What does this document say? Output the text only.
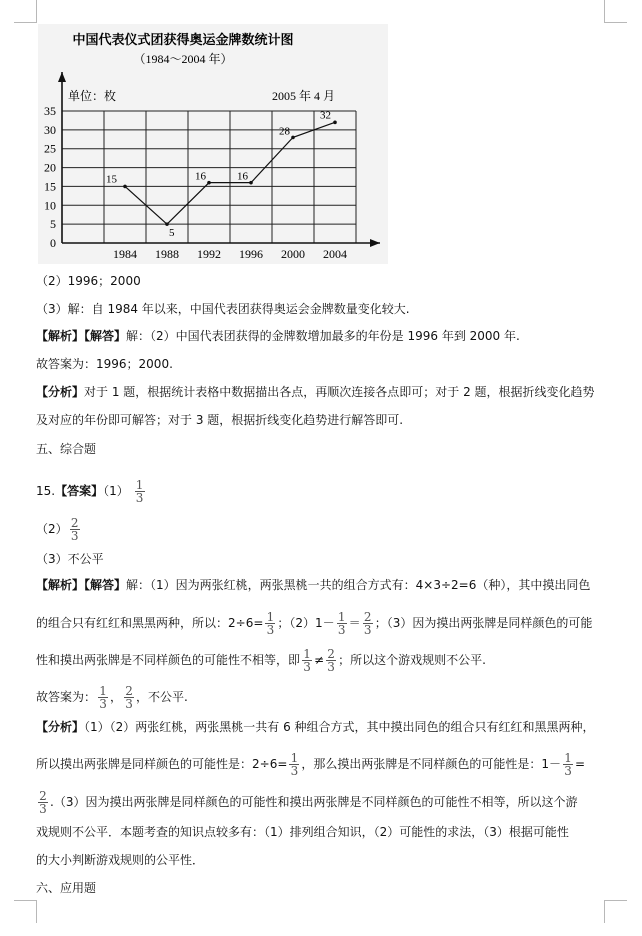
中国代表仪式团获得奥运金牌数统计图
（1984～2004 年）
单位：枚	2005 年 4 月
0
5
10
15
20
25
30
35
1984 1988 1992 1996 2000 2004
15
5
16	16
28
32
（2）1996；2000
（3）解：自 1984 年以来，中国代表团获得奥运会金牌数量变化较大.
【解析】【解答】解：（2）中国代表团获得的金牌数增加最多的年份是 1996 年到 2000 年.
故答案为：1996；2000.
【分析】对于 1 题，根据统计表格中数据描出各点，再顺次连接各点即可；对于 2 题，根据折线变化趋势
及对应的年份即可解答；对于 3 题，根据折线变化趋势进行解答即可.
五、综合题
15.【答案】$(1) \frac{1}{3}$
$(2) \frac{2}{3}$
（3）不公平
【解析】【解答】解：（1）因为两张红桃，两张黑桃一共的组合方式有：4×3÷2=6（种），其中摸出同色
的组合只有红红和黑黑两种，所以：$2\div 6= \frac{1}{3}$ ；$(2)1- \frac{1}{3} = \frac{2}{3}$ ；（3）因为摸出两张牌是同样颜色的可能
性和摸出两张牌是不同样颜色的可能性不相等，即 $\frac{1}{3} \ne \frac{2}{3}$ ；所以这个游戏规则不公平.
故答案为： $\frac{1}{3}$ ， $\frac{2}{3}$ ，不公平.
【分析】（1）（2）两张红桃，两张黑桃一共有 6 种组合方式，其中摸出同色的组合只有红红和黑黑两种，
所以摸出两张牌是同样颜色的可能性是：$2\div 6= \frac{1}{3}$ ，那么摸出两张牌是不同样颜色的可能性是：$1- \frac{1}{3}$ =
$\frac{2}{3} .(3)$因为摸出两张牌是同样颜色的可能性和摸出两张牌是不同样颜色的可能性不相等，所以这个游
戏规则不公平．本题考查的知识点较多有：（1）排列组合知识，（2）可能性的求法，（3）根据可能性
的大小判断游戏规则的公平性．
六、应用题
